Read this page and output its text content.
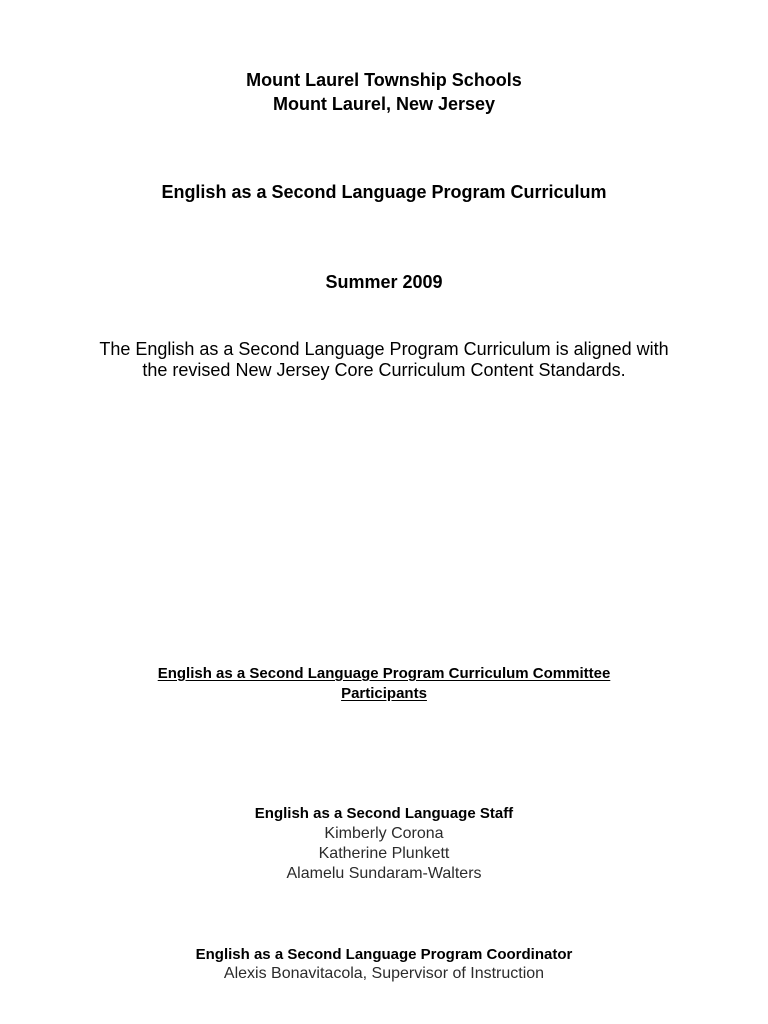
Mount Laurel Township Schools
Mount Laurel, New Jersey
English as a Second Language Program Curriculum
Summer 2009
The English as a Second Language Program Curriculum is aligned with
the revised New Jersey Core Curriculum Content Standards.
English as a Second Language Program Curriculum Committee
Participants
English as a Second Language Staff
Kimberly Corona
Katherine Plunkett
Alamelu Sundaram-Walters
English as a Second Language Program Coordinator
Alexis Bonavitacola, Supervisor of Instruction
